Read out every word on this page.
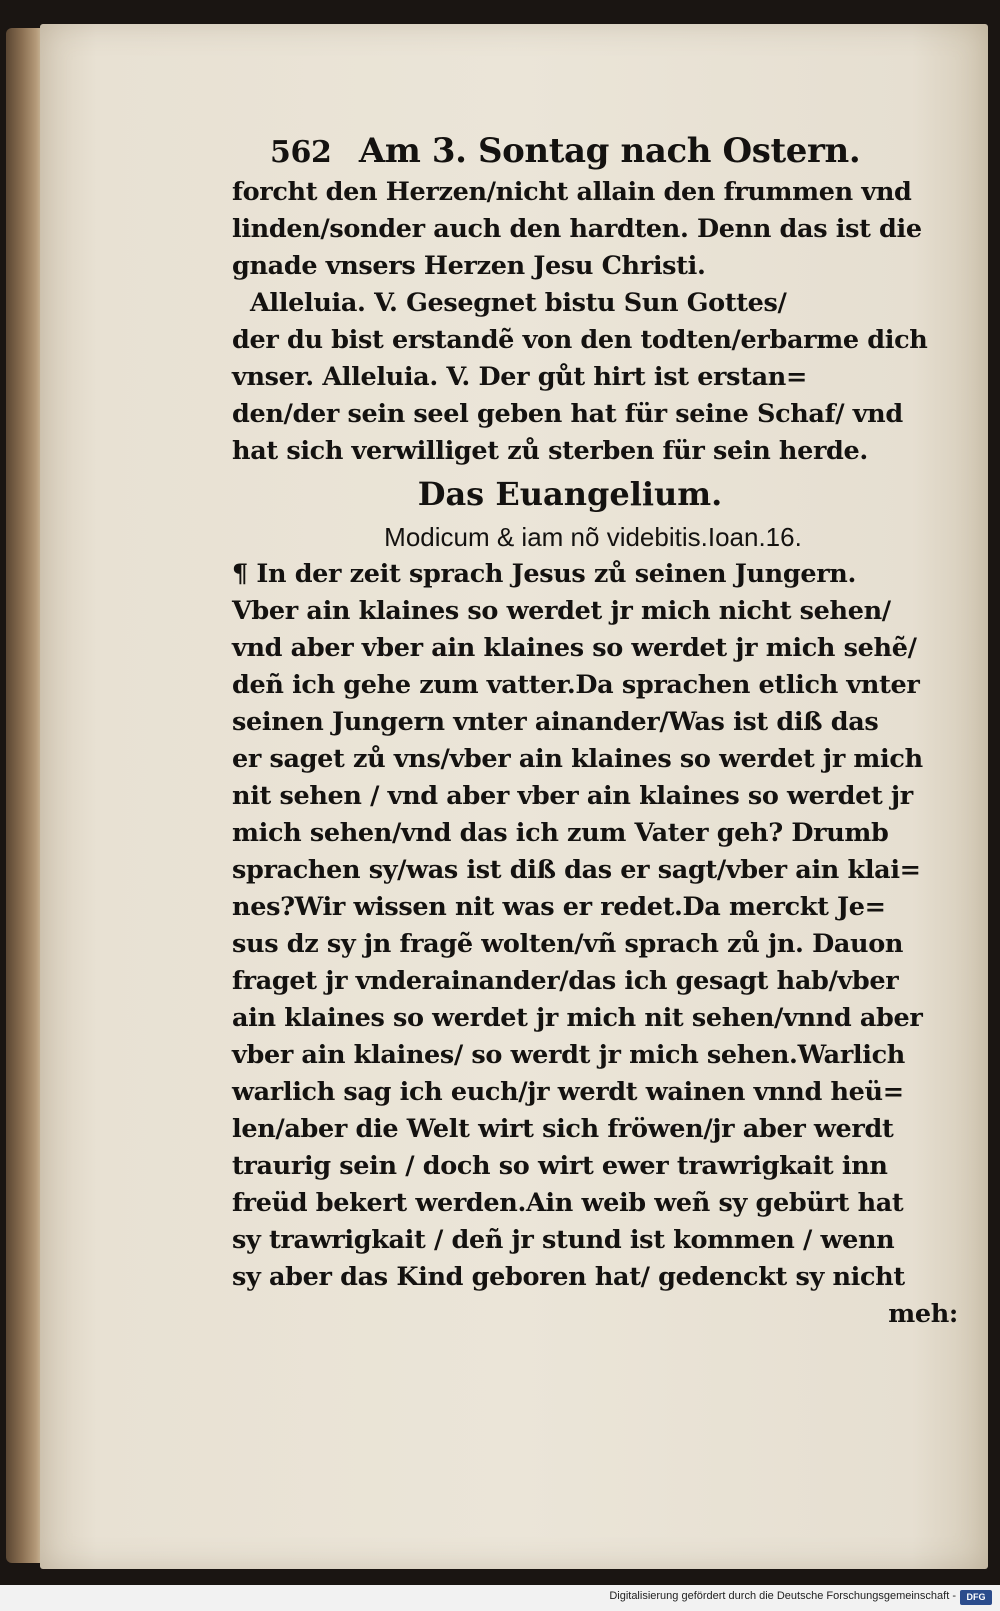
562 Am 3. Sontag nach Ostern.
forcht den Herzen/nicht allain den frummen vnd
linden/sonder auch den hardten. Denn das ist die
gnade vnsers Herzen Jesu Christi.
Alleluia. V. Gesegnet bistu Sun Gottes/
der du bist erstandẽ von den todten/erbarme dich
vnser. Alleluia. V. Der gůt hirt ist erstan=
den/der sein seel geben hat für seine Schaf/ vnd
hat sich verwilliget zů sterben für sein herde.
Das Euangelium.
Modicum & iam nõ videbitis.Ioan.16.
¶ In der zeit sprach Jesus zů seinen Jungern.
Vber ain klaines so werdet jr mich nicht sehen/
vnd aber vber ain klaines so werdet jr mich sehẽ/
deñ ich gehe zum vatter.Da sprachen etlich vnter
seinen Jungern vnter ainander/Was ist diß das
er saget zů vns/vber ain klaines so werdet jr mich
nit sehen / vnd aber vber ain klaines so werdet jr
mich sehen/vnd das ich zum Vater geh? Drumb
sprachen sy/was ist diß das er sagt/vber ain klai=
nes?Wir wissen nit was er redet.Da merckt Je=
sus dz sy jn fragẽ wolten/vñ sprach zů jn. Dauon
fraget jr vnderainander/das ich gesagt hab/vber
ain klaines so werdet jr mich nit sehen/vnnd aber
vber ain klaines/ so werdt jr mich sehen.Warlich
warlich sag ich euch/jr werdt wainen vnnd heü=
len/aber die Welt wirt sich fröwen/jr aber werdt
traurig sein / doch so wirt ewer trawrigkait inn
freüd bekert werden.Ain weib weñ sy gebürt hat
sy trawrigkait / deñ jr stund ist kommen / wenn
sy aber das Kind geboren hat/ gedenckt sy nicht
meh:
Digitalisierung gefördert durch die Deutsche Forschungsgemeinschaft -	DFG
